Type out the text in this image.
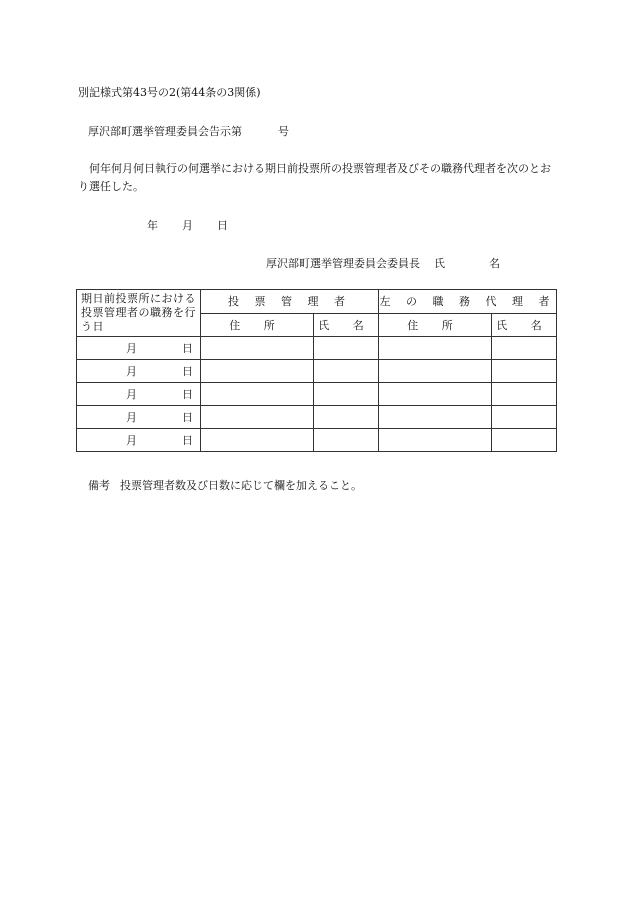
別記様式第43号の2(第44条の3関係)
厚沢部町選挙管理委員会告示第	号
何年何月何日執行の何選挙における期日前投票所の投票管理者及びその職務代理者を次のとおり選任した。
年 月 日
厚沢部町選挙管理委員会委員長 氏	名
期日前投票所における投票管理者の職務を行う日	投 票 管 理 者		左 の 職 務 代 理 者	
	住 所	氏 名	住 所	氏 名
月 日				
月 日				
月 日				
月 日				
月 日				
備考 投票管理者数及び日数に応じて欄を加えること。
